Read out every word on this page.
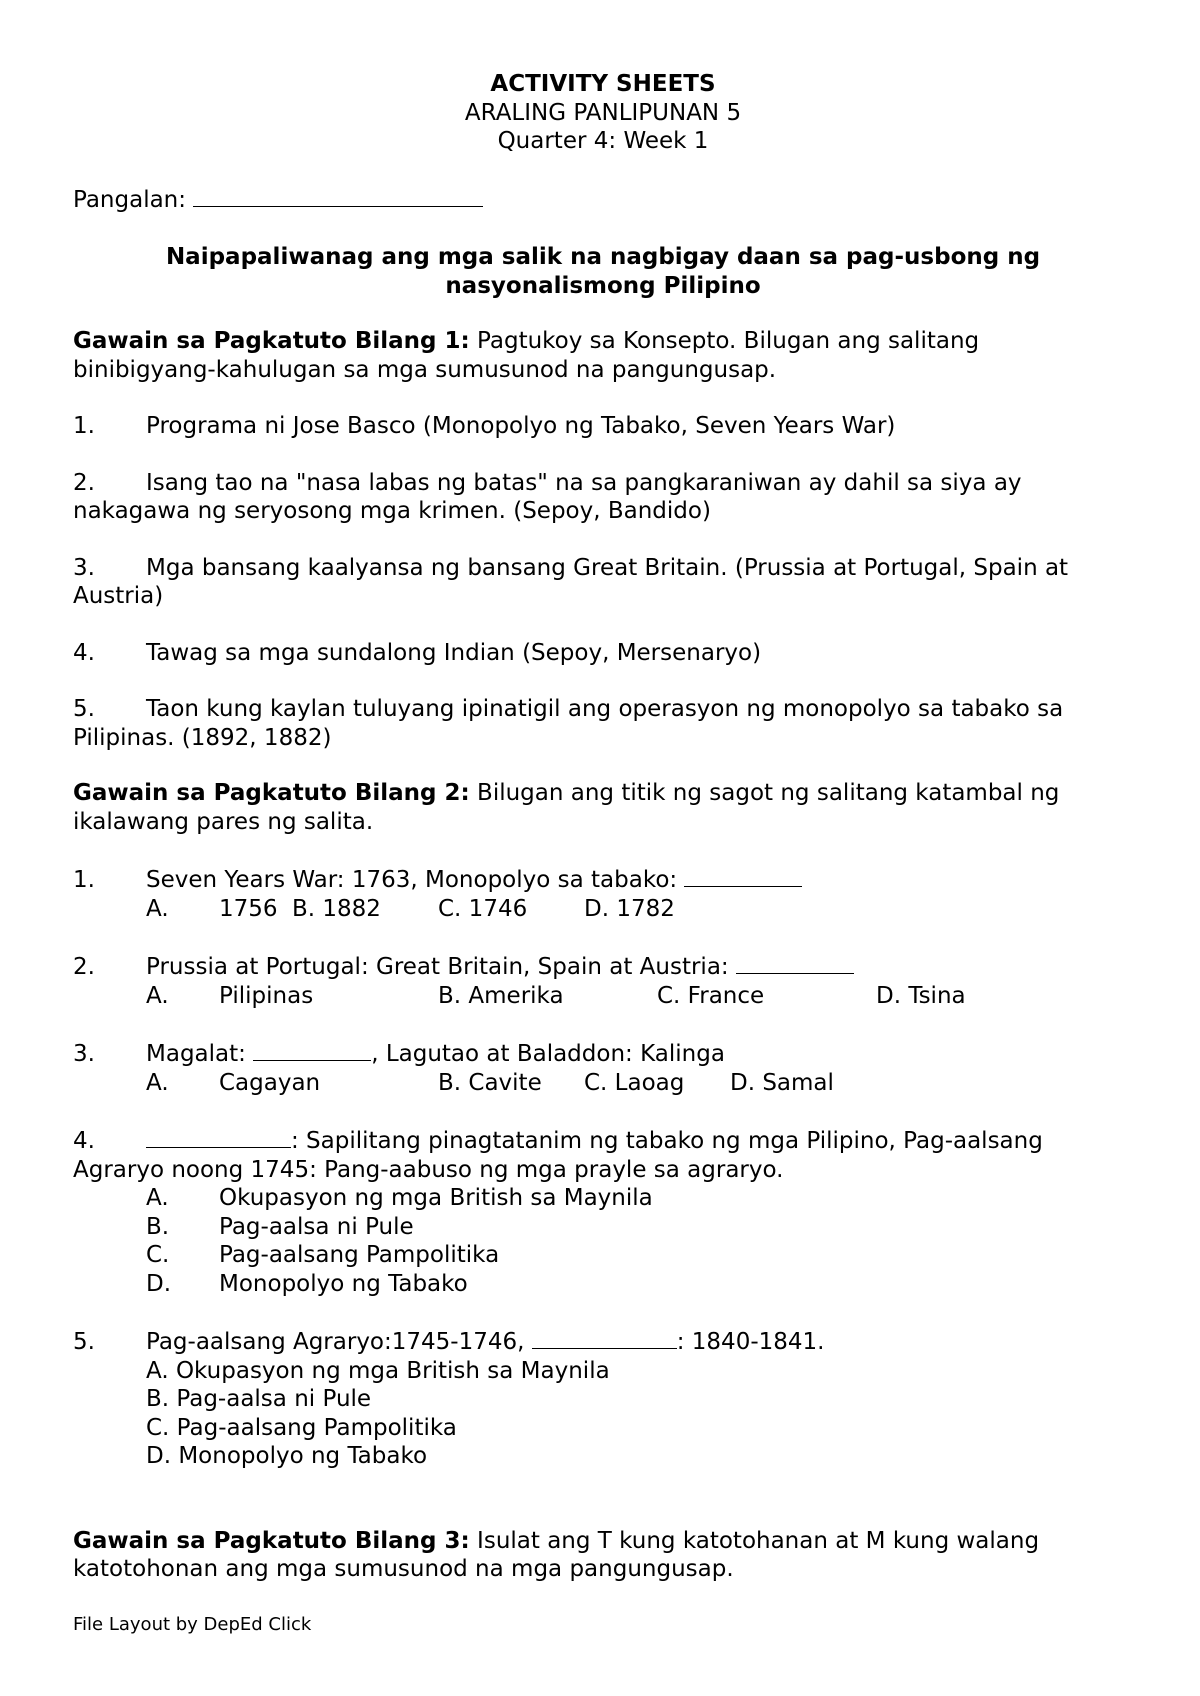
ACTIVITY SHEETS
ARALING PANLIPUNAN 5
Quarter 4: Week 1
Pangalan:
Naipapaliwanag ang mga salik na nagbigay daan sa pag-usbong ng
nasyonalismong Pilipino
Gawain sa Pagkatuto Bilang 1: Pagtukoy sa Konsepto. Bilugan ang salitang
binibigyang-kahulugan sa mga sumusunod na pangungusap.
1. Programa ni Jose Basco (Monopolyo ng Tabako, Seven Years War)
2. Isang tao na "nasa labas ng batas" na sa pangkaraniwan ay dahil sa siya ay
nakagawa ng seryosong mga krimen. (Sepoy, Bandido)
3. Mga bansang kaalyansa ng bansang Great Britain. (Prussia at Portugal, Spain at
Austria)
4. Tawag sa mga sundalong Indian (Sepoy, Mersenaryo)
5. Taon kung kaylan tuluyang ipinatigil ang operasyon ng monopolyo sa tabako sa
Pilipinas. (1892, 1882)
Gawain sa Pagkatuto Bilang 2: Bilugan ang titik ng sagot ng salitang katambal ng
ikalawang pares ng salita.
1. Seven Years War: 1763, Monopolyo sa tabako:
A. 1756 B. 1882 C. 1746 D. 1782
2. Prussia at Portugal: Great Britain, Spain at Austria:
A. Pilipinas	B. Amerika	C. France	D. Tsina
3. Magalat:	, Lagutao at Baladdon: Kalinga
A. Cagayan	B. Cavite C. Laoag D. Samal
4.	: Sapilitang pinagtatanim ng tabako ng mga Pilipino, Pag-aalsang
Agraryo noong 1745: Pang-aabuso ng mga prayle sa agraryo.
A. Okupasyon ng mga British sa Maynila
B. Pag-aalsa ni Pule
C. Pag-aalsang Pampolitika
D. Monopolyo ng Tabako
5. Pag-aalsang Agraryo:1745-1746,	: 1840-1841.
A. Okupasyon ng mga British sa Maynila
B. Pag-aalsa ni Pule
C. Pag-aalsang Pampolitika
D. Monopolyo ng Tabako
Gawain sa Pagkatuto Bilang 3: Isulat ang T kung katotohanan at M kung walang
katotohonan ang mga sumusunod na mga pangungusap.
File Layout by DepEd Click
